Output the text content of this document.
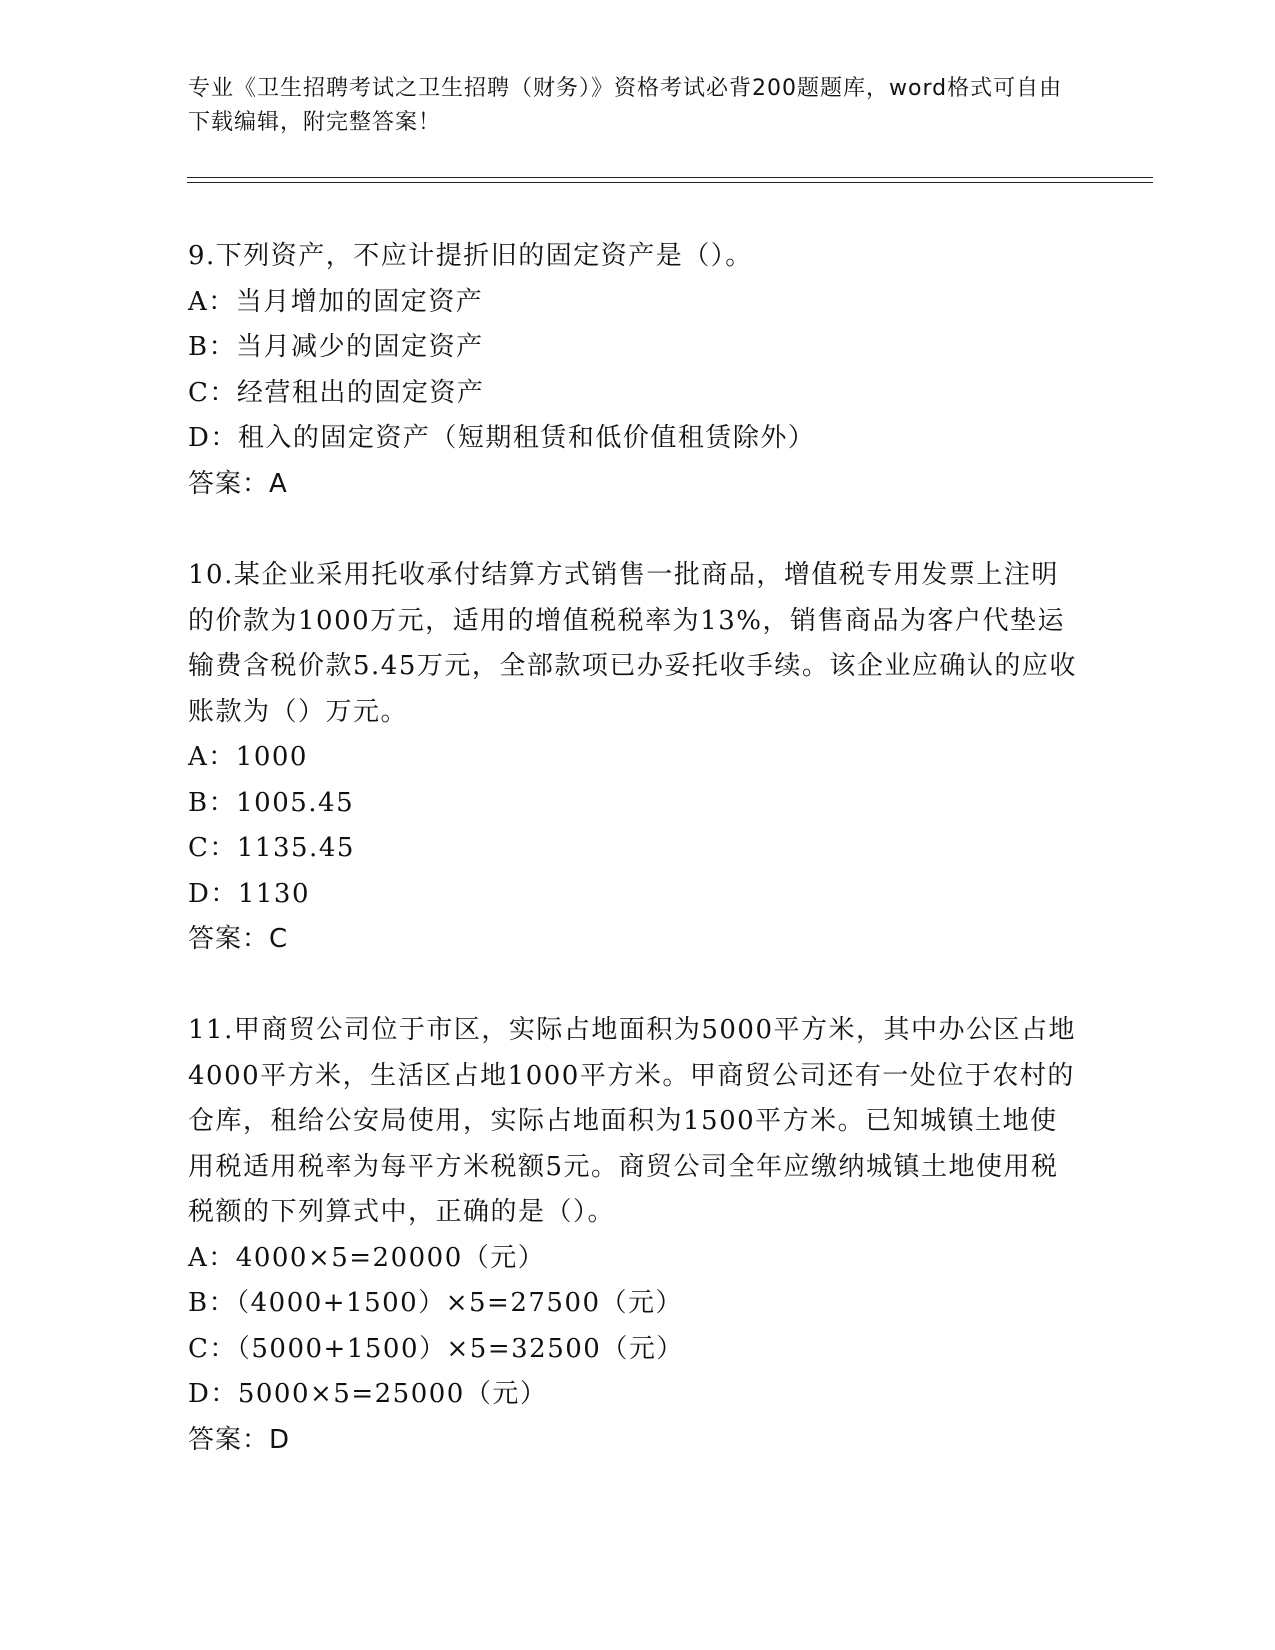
专业《卫生招聘考试之卫生招聘（财务）》资格考试必背200题题库，word格式可自由下载编辑，附完整答案！
9.下列资产，不应计提折旧的固定资产是（）。
A：当月增加的固定资产
B：当月减少的固定资产
C：经营租出的固定资产
D：租入的固定资产（短期租赁和低价值租赁除外）
答案：A
10.某企业采用托收承付结算方式销售一批商品，增值税专用发票上注明的价款为1000万元，适用的增值税税率为13%，销售商品为客户代垫运输费含税价款5.45万元，全部款项已办妥托收手续。该企业应确认的应收账款为（）万元。
A：1000
B：1005.45
C：1135.45
D：1130
答案：C
11.甲商贸公司位于市区，实际占地面积为5000平方米，其中办公区占地4000平方米，生活区占地1000平方米。甲商贸公司还有一处位于农村的仓库，租给公安局使用，实际占地面积为1500平方米。已知城镇土地使用税适用税率为每平方米税额5元。商贸公司全年应缴纳城镇土地使用税税额的下列算式中，正确的是（）。
A：4000×5=20000（元）
B：（4000+1500）×5=27500（元）
C：（5000+1500）×5=32500（元）
D：5000×5=25000（元）
答案：D
